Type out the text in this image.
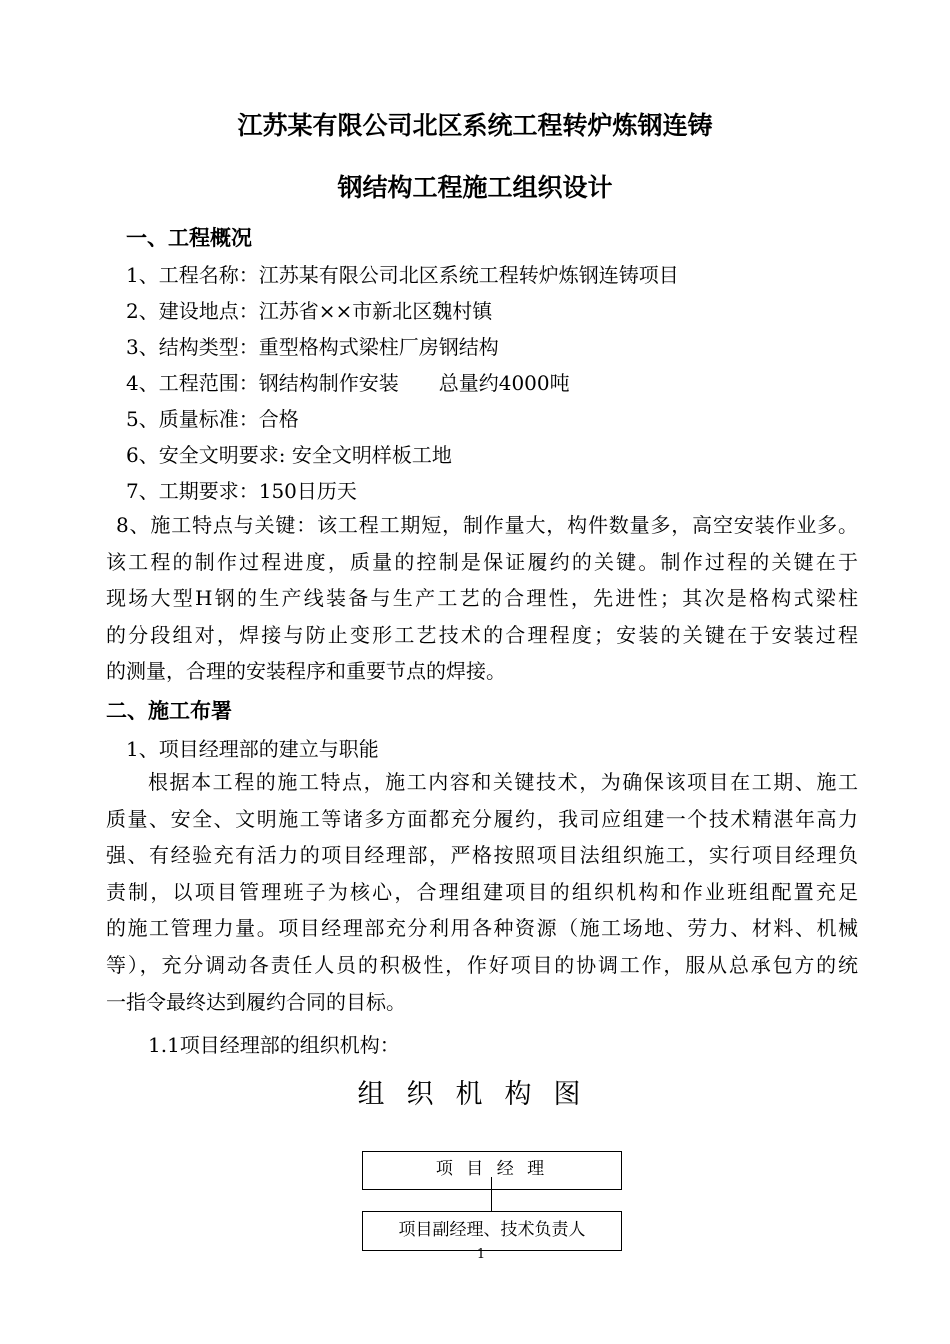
江苏某有限公司北区系统工程转炉炼钢连铸
钢结构工程施工组织设计
一、工程概况
1、工程名称：江苏某有限公司北区系统工程转炉炼钢连铸项目
2、建设地点：江苏省××市新北区魏村镇
3、结构类型：重型格构式梁柱厂房钢结构
4、工程范围：钢结构制作安装　　总量约4000吨
5、质量标准：合格
6、安全文明要求: 安全文明样板工地
7、工期要求：150日历天
8、施工特点与关键：该工程工期短，制作量大，构件数量多，高空安装作业多。
该工程的制作过程进度，质量的控制是保证履约的关键。制作过程的关键在于
现场大型H钢的生产线装备与生产工艺的合理性，先进性；其次是格构式梁柱
的分段组对，焊接与防止变形工艺技术的合理程度；安装的关键在于安装过程
的测量，合理的安装程序和重要节点的焊接。
二、施工布署
1、项目经理部的建立与职能
根据本工程的施工特点，施工内容和关键技术，为确保该项目在工期、施工
质量、安全、文明施工等诸多方面都充分履约，我司应组建一个技术精湛年高力
强、有经验充有活力的项目经理部，严格按照项目法组织施工，实行项目经理负
责制，以项目管理班子为核心，合理组建项目的组织机构和作业班组配置充足
的施工管理力量。项目经理部充分利用各种资源（施工场地、劳力、材料、机械
等），充分调动各责任人员的积极性，作好项目的协调工作，服从总承包方的统
一指令最终达到履约合同的目标。
1.1项目经理部的组织机构：
组织机构图
项 目 经 理
项目副经理、技术负责人
1
